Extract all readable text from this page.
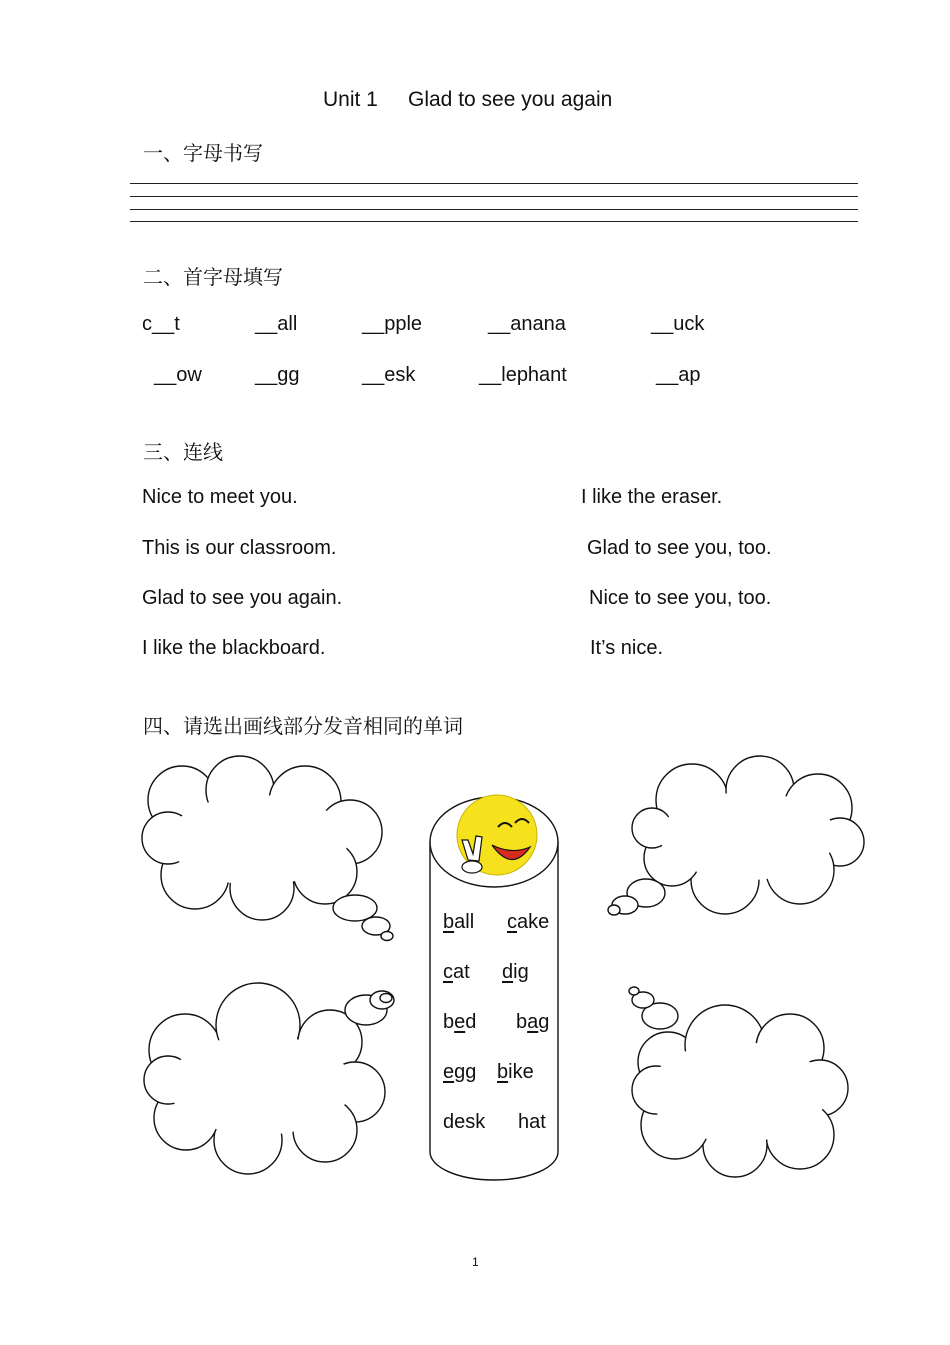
Unit 1 Glad to see you again
一、字母书写
二、首字母填写
c__t	__all	__pple	__anana	__uck
__ow	__gg	__esk	__lephant	__ap
三、连线
Nice to meet you.
This is our classroom.
Glad to see you again.
I like the blackboard.
I like the eraser.
Glad to see you, too.
Nice to see you, too.
It’s nice.
四、请选出画线部分发音相同的单词
ball cake
cat dig
bed bag
egg bike
desk hat
1
